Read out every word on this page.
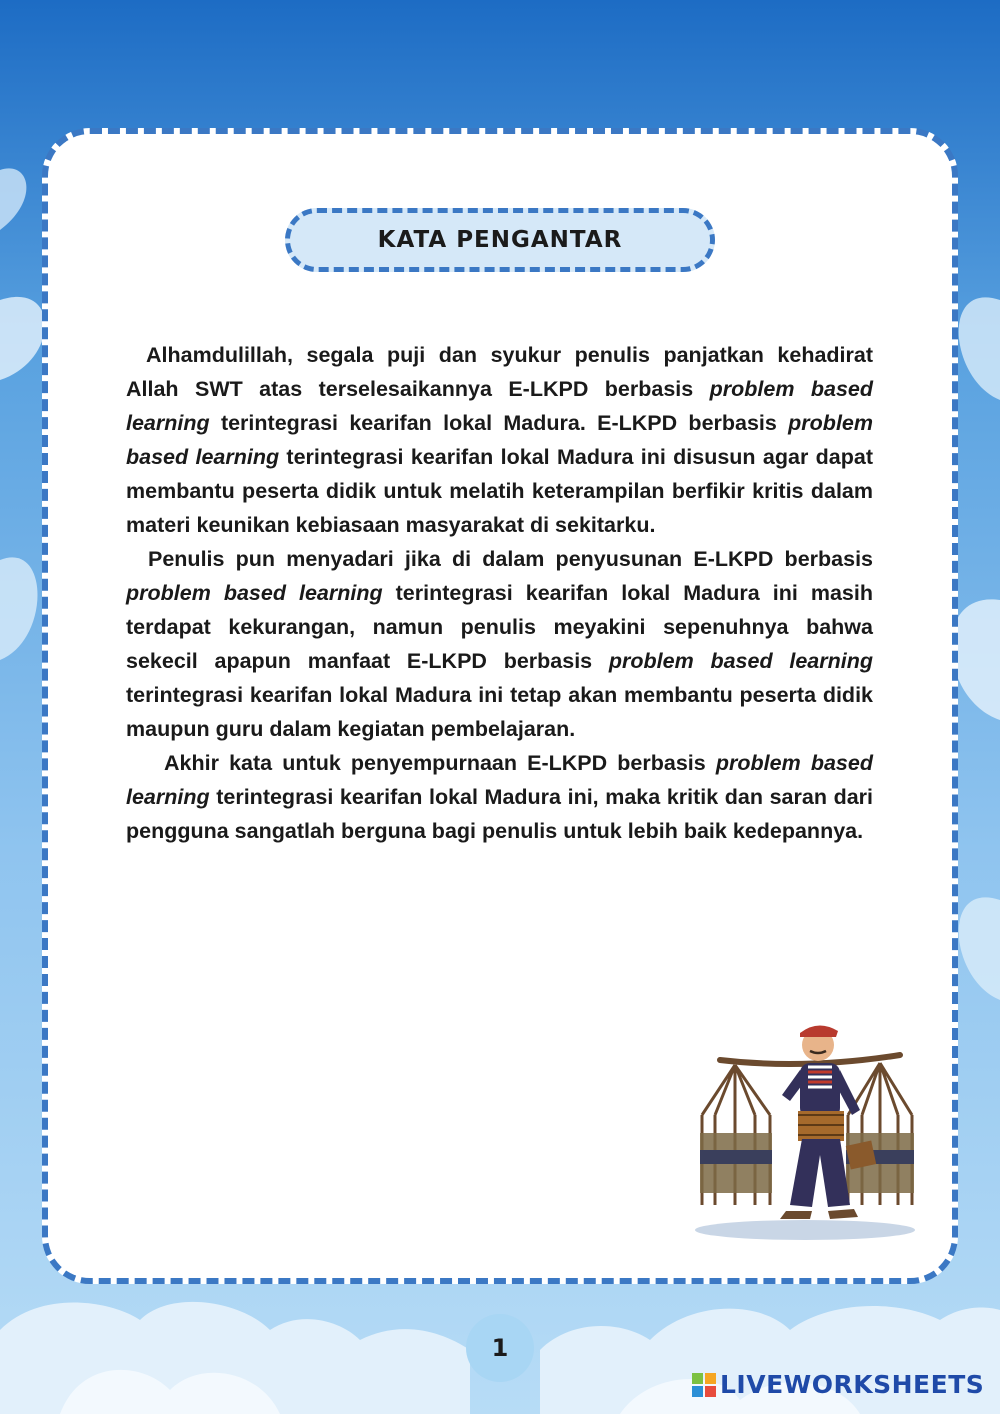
KATA PENGANTAR

Alhamdulillah, segala puji dan syukur penulis panjatkan kehadirat Allah SWT atas terselesaikannya E-LKPD berbasis problem based learning terintegrasi kearifan lokal Madura. E-LKPD berbasis problem based learning terintegrasi kearifan lokal Madura ini disusun agar dapat membantu peserta didik untuk melatih keterampilan berfikir kritis dalam materi keunikan kebiasaan masyarakat di sekitarku.

Penulis pun menyadari jika di dalam penyusunan E-LKPD berbasis problem based learning terintegrasi kearifan lokal Madura ini masih terdapat kekurangan, namun penulis meyakini sepenuhnya bahwa sekecil apapun manfaat E-LKPD berbasis problem based learning terintegrasi kearifan lokal Madura ini tetap akan membantu peserta didik maupun guru dalam kegiatan pembelajaran.

Akhir kata untuk penyempurnaan E-LKPD berbasis problem based learning terintegrasi kearifan lokal Madura ini, maka kritik dan saran dari pengguna sangatlah berguna bagi penulis untuk lebih baik kedepannya.

1
LIVEWORKSHEETS
